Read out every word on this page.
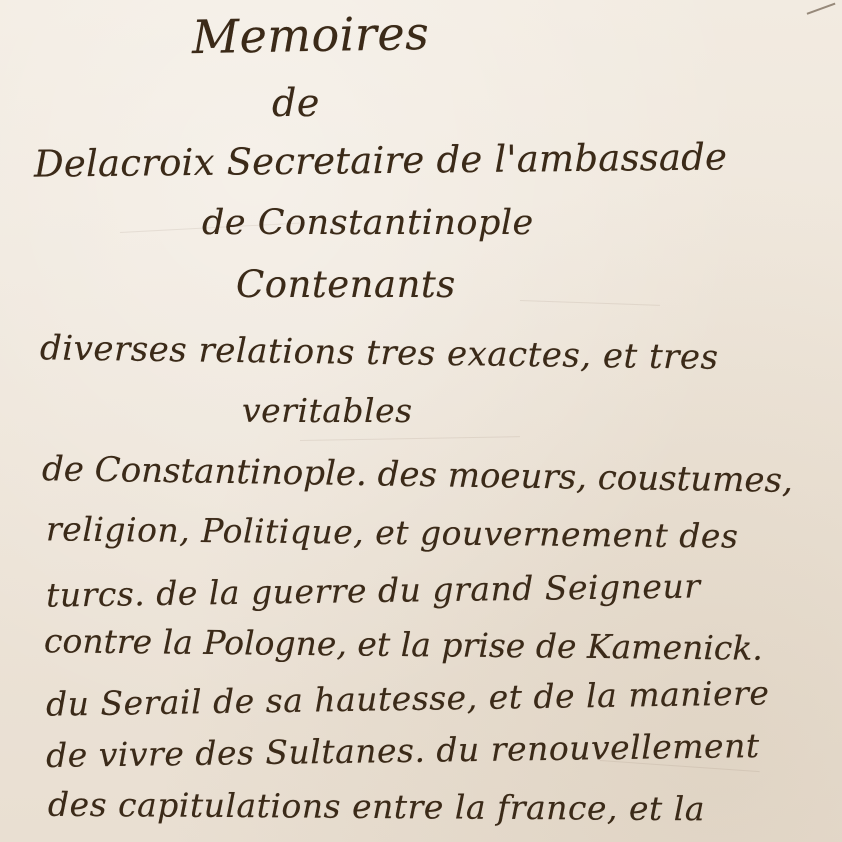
Memoires
de
Delacroix Secretaire de l'ambassade
de Constantinople
Contenants
diverses relations tres exactes, et tres
veritables
de Constantinople. des moeurs, coustumes,
religion, Politique, et gouvernement des
turcs. de la guerre du grand Seigneur
contre la Pologne, et la prise de Kamenick.
du Serail de sa hautesse, et de la maniere
de vivre des Sultanes. du renouvellement
des capitulations entre la france, et la
